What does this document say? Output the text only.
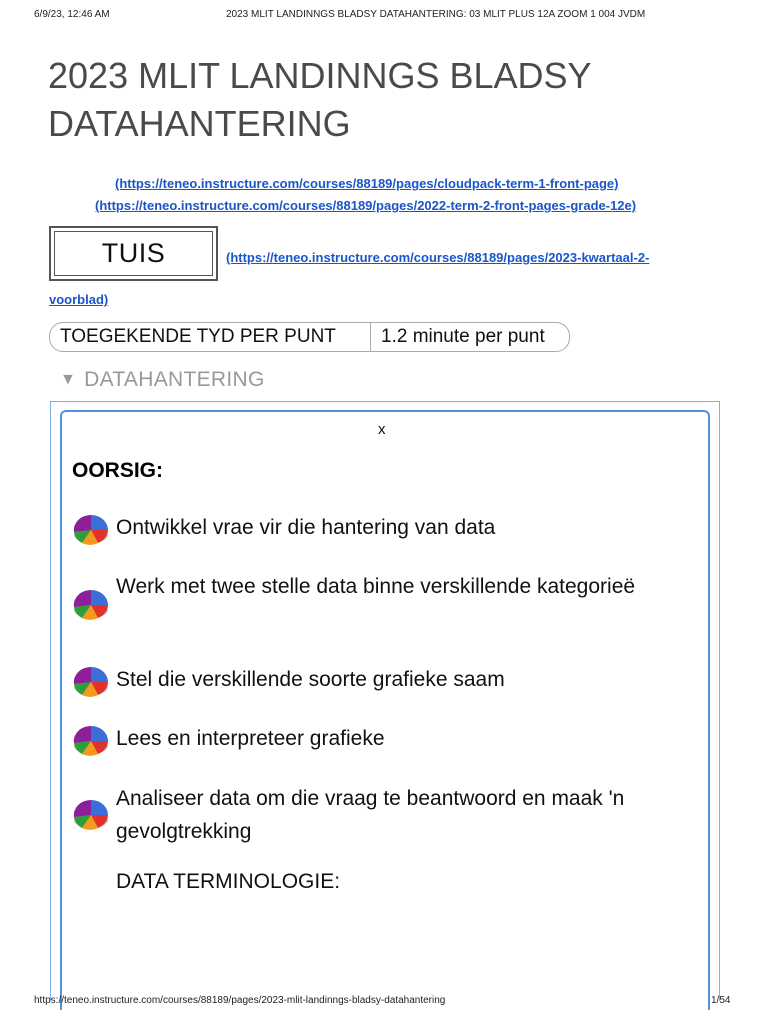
6/9/23, 12:46 AM	2023 MLIT LANDINNGS BLADSY DATAHANTERING: 03 MLIT PLUS 12A ZOOM 1 004 JVDM
2023 MLIT LANDINNGS BLADSY DATAHANTERING
(https://teneo.instructure.com/courses/88189/pages/cloudpack-term-1-front-page)
(https://teneo.instructure.com/courses/88189/pages/2022-term-2-front-pages-grade-12e)
TUIS	(https://teneo.instructure.com/courses/88189/pages/2023-kwartaal-2-
voorblad)
TOEGEKENDE TYD PER PUNT	1.2 minute per punt
▼ DATAHANTERING
x
OORSIG:
Ontwikkel vrae vir die hantering van data
Werk met twee stelle data binne verskillende kategorieë
Stel die verskillende soorte grafieke saam
Lees en interpreteer grafieke
Analiseer data om die vraag te beantwoord en maak 'n gevolgtrekking
DATA TERMINOLOGIE:
https://teneo.instructure.com/courses/88189/pages/2023-mlit-landinngs-bladsy-datahantering	1/54
